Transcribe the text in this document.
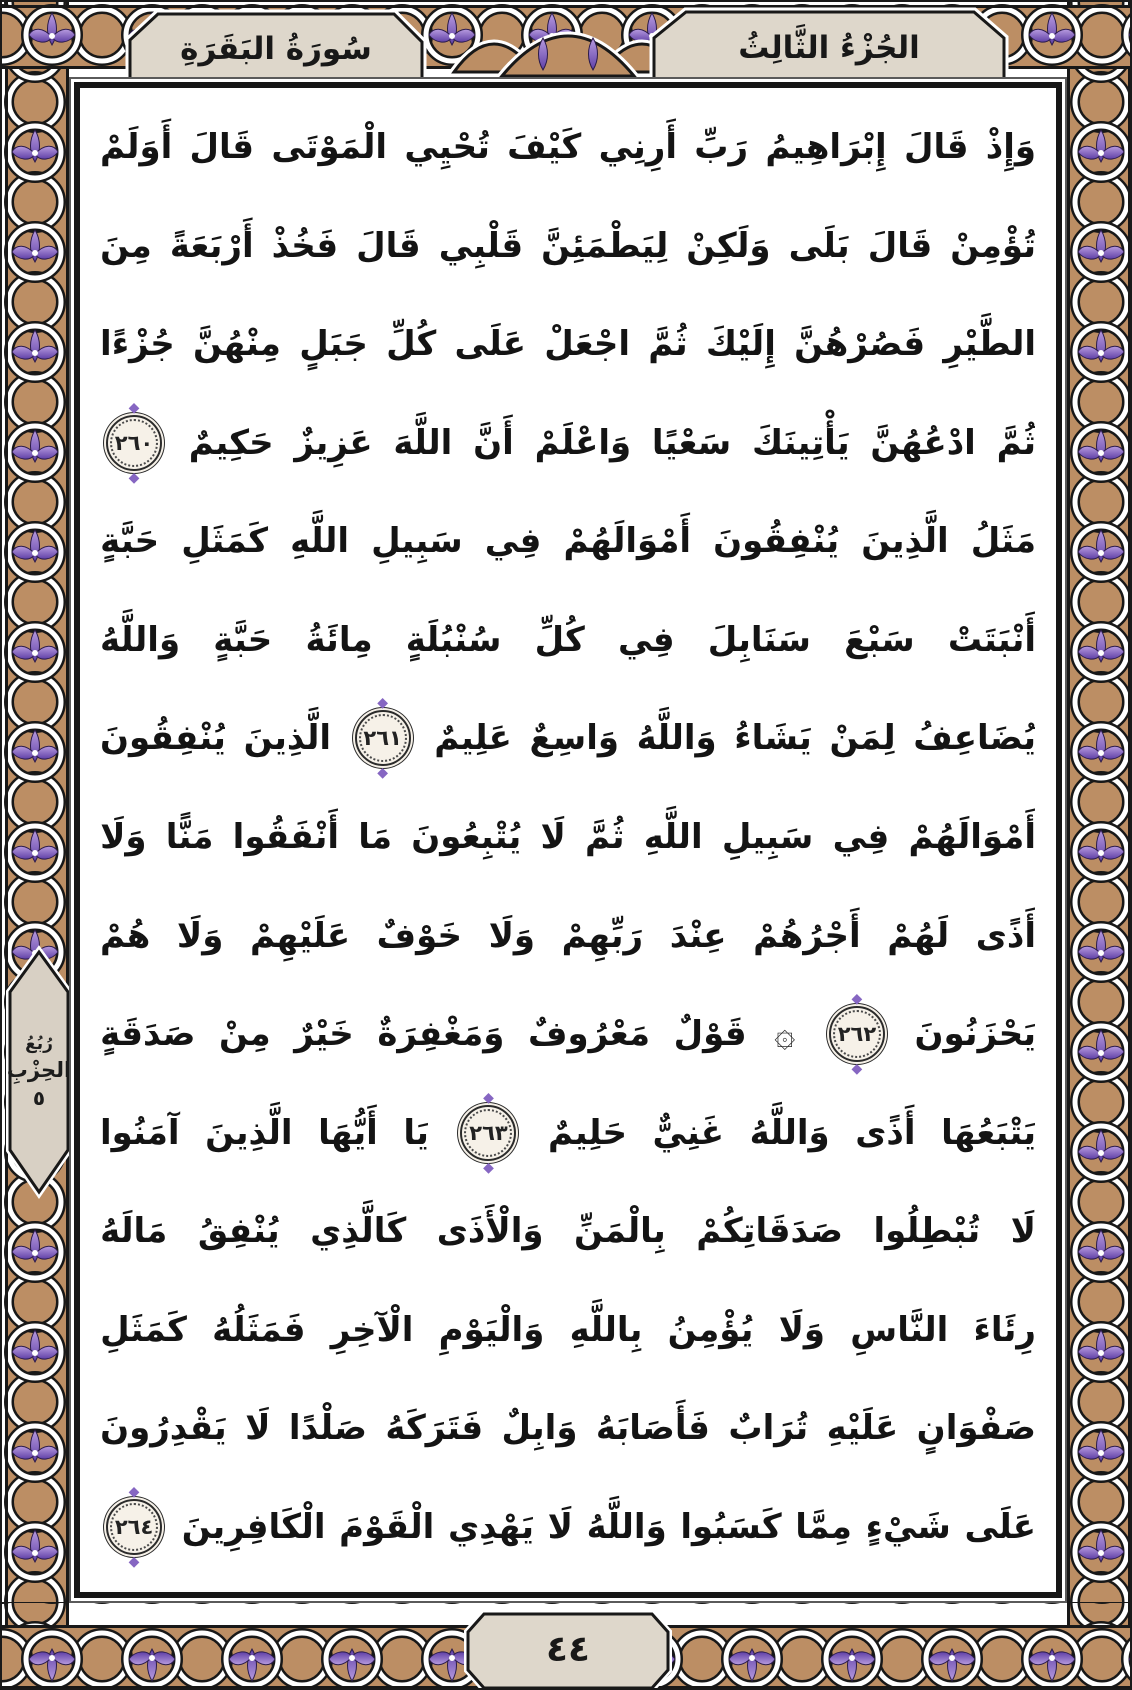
الجُزْءُ الثَّالِثُ
سُورَةُ البَقَرَةِ
رُبُعُ
الحِزْبِ
٥
وَإِذْ
قَالَ
إِبْرَاهِيمُ
رَبِّ
أَرِنِي
كَيْفَ
تُحْيِي
الْمَوْتَى
قَالَ
أَوَلَمْ
تُؤْمِنْ
قَالَ
بَلَى
وَلَكِنْ
لِيَطْمَئِنَّ
قَلْبِي
قَالَ
فَخُذْ
أَرْبَعَةً
مِنَ
الطَّيْرِ
فَصُرْهُنَّ
إِلَيْكَ
ثُمَّ
اجْعَلْ
عَلَى
كُلِّ
جَبَلٍ
مِنْهُنَّ
جُزْءًا
ثُمَّ
ادْعُهُنَّ
يَأْتِينَكَ
سَعْيًا
وَاعْلَمْ
أَنَّ
اللَّهَ
عَزِيزٌ
حَكِيمٌ
◆ ٢٦٠
◆
مَثَلُ
الَّذِينَ
يُنْفِقُونَ
أَمْوَالَهُمْ
فِي
سَبِيلِ
اللَّهِ
كَمَثَلِ
حَبَّةٍ
أَنْبَتَتْ
سَبْعَ
سَنَابِلَ
فِي
كُلِّ
سُنْبُلَةٍ
مِائَةُ
حَبَّةٍ
وَاللَّهُ
يُضَاعِفُ
لِمَنْ
يَشَاءُ
وَاللَّهُ
وَاسِعٌ
عَلِيمٌ
◆ ٢٦١
◆
الَّذِينَ
يُنْفِقُونَ
أَمْوَالَهُمْ
فِي
سَبِيلِ
اللَّهِ
ثُمَّ
لَا
يُتْبِعُونَ
مَا
أَنْفَقُوا
مَنًّا
وَلَا
أَذًى
لَهُمْ
أَجْرُهُمْ
عِنْدَ
رَبِّهِمْ
وَلَا
خَوْفٌ
عَلَيْهِمْ
وَلَا
هُمْ
يَحْزَنُونَ
◆ ٢٦٢
◆
۞
قَوْلٌ
مَعْرُوفٌ
وَمَغْفِرَةٌ
خَيْرٌ
مِنْ
صَدَقَةٍ
يَتْبَعُهَا
أَذًى
وَاللَّهُ
غَنِيٌّ
حَلِيمٌ
◆ ٢٦٣
◆
يَا
أَيُّهَا
الَّذِينَ
آمَنُوا
لَا
تُبْطِلُوا
صَدَقَاتِكُمْ
بِالْمَنِّ
وَالْأَذَى
كَالَّذِي
يُنْفِقُ
مَالَهُ
رِئَاءَ
النَّاسِ
وَلَا
يُؤْمِنُ
بِاللَّهِ
وَالْيَوْمِ
الْآخِرِ
فَمَثَلُهُ
كَمَثَلِ
صَفْوَانٍ
عَلَيْهِ
تُرَابٌ
فَأَصَابَهُ
وَابِلٌ
فَتَرَكَهُ
صَلْدًا
لَا
يَقْدِرُونَ
عَلَى
شَيْءٍ
مِمَّا
كَسَبُوا
وَاللَّهُ
لَا
يَهْدِي
الْقَوْمَ
الْكَافِرِينَ
◆ ٢٦٤
◆
٤٤
